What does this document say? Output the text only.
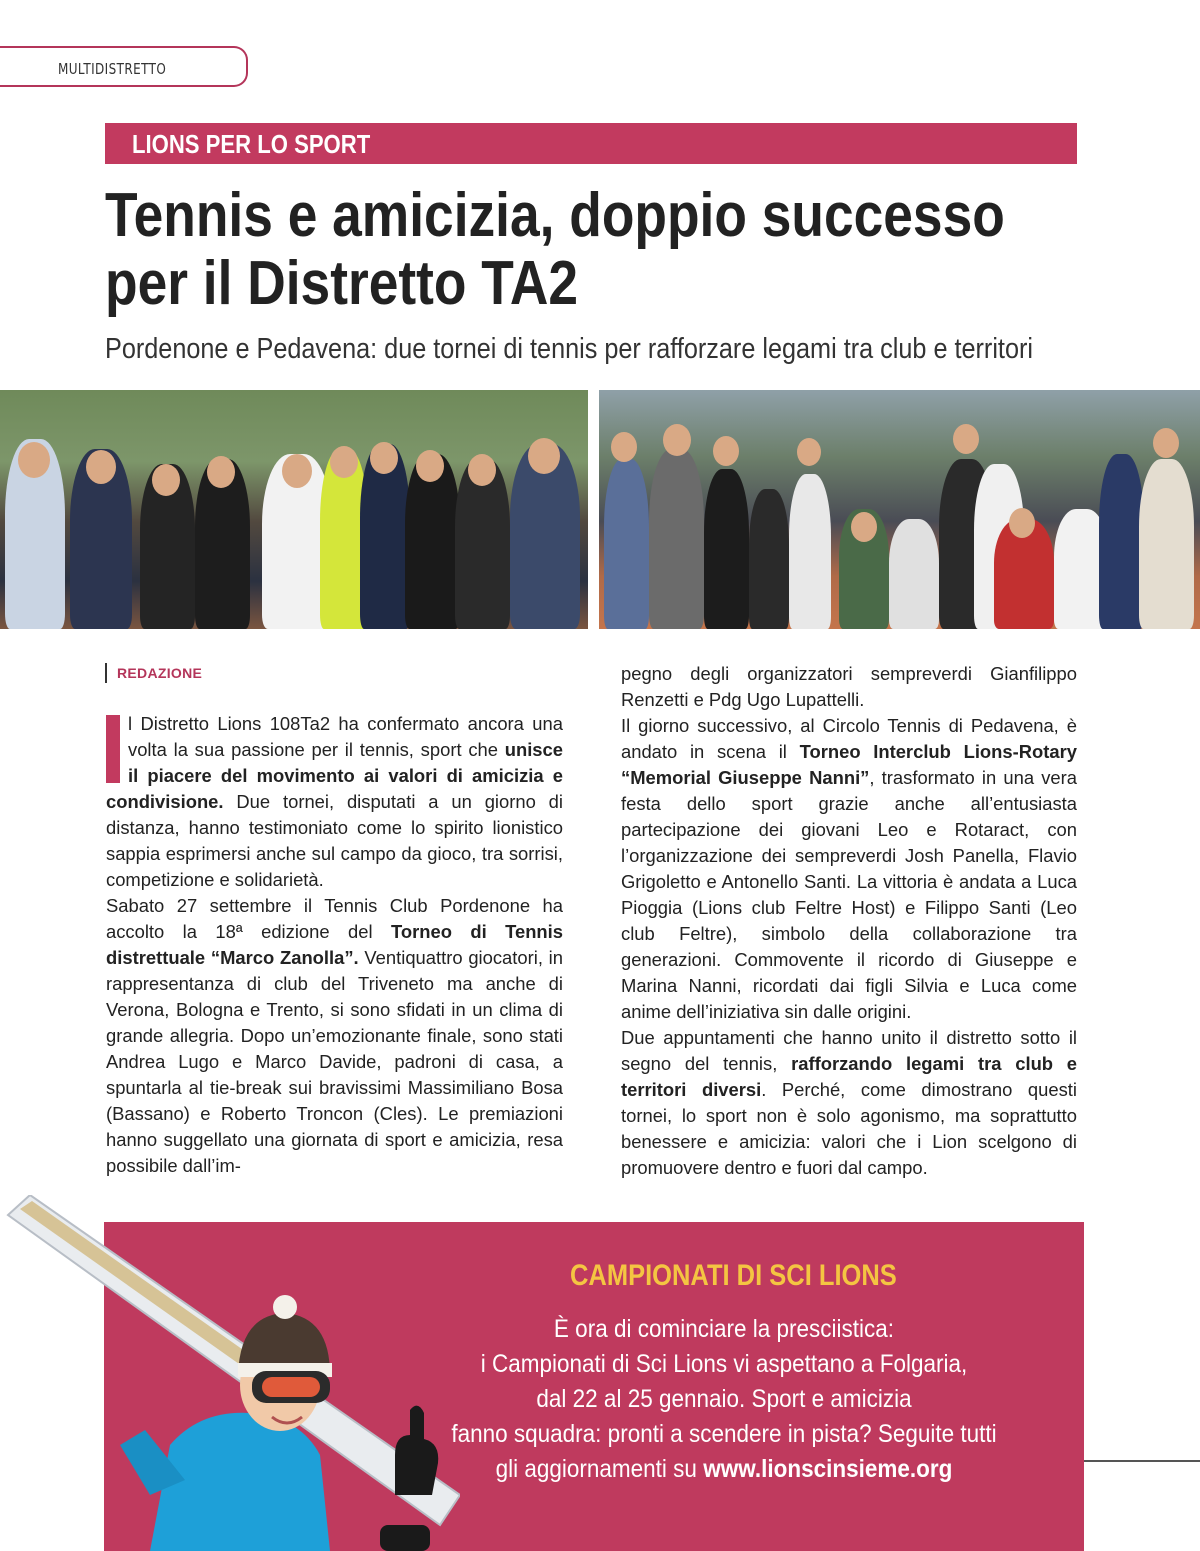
MULTIDISTRETTO
LIONS PER LO SPORT
Tennis e amicizia, doppio successo
per il Distretto TA2
Pordenone e Pedavena: due tornei di tennis per rafforzare legami tra club e territori
REDAZIONE
l Distretto Lions 108Ta2 ha confermato ancora una volta la sua passione per il tennis, sport che unisce il piacere del movimento ai valori di amicizia e condivisione. Due tornei, disputati a un giorno di distanza, hanno testimoniato come lo spirito lionistico sappia esprimersi anche sul campo da gioco, tra sorrisi, competizione e solidarietà.
Sabato 27 settembre il Tennis Club Pordenone ha accolto la 18ª edizione del Torneo di Tennis distrettuale “Marco Zanolla”. Ventiquattro giocatori, in rappresentanza di club del Triveneto ma anche di Verona, Bologna e Trento, si sono sfidati in un clima di grande allegria. Dopo un’emozionante finale, sono stati Andrea Lugo e Marco Davide, padroni di casa, a spuntarla al tie-break sui bravissimi Massimiliano Bosa (Bassano) e Roberto Troncon (Cles). Le premiazioni hanno suggellato una giornata di sport e amicizia, resa possibile dall’im-
pegno degli organizzatori sempreverdi Gianfilippo Renzetti e Pdg Ugo Lupattelli.
Il giorno successivo, al Circolo Tennis di Pedavena, è andato in scena il Torneo Interclub Lions-Rotary “Memorial Giuseppe Nanni”, trasformato in una vera festa dello sport grazie anche all’entusiasta partecipazione dei giovani Leo e Rotaract, con l’organizzazione dei sempreverdi Josh Panella, Flavio Grigoletto e Antonello Santi. La vittoria è andata a Luca Pioggia (Lions club Feltre Host) e Filippo Santi (Leo club Feltre), simbolo della collaborazione tra generazioni. Commovente il ricordo di Giuseppe e Marina Nanni, ricordati dai figli Silvia e Luca come anime dell’iniziativa sin dalle origini.
Due appuntamenti che hanno unito il distretto sotto il segno del tennis, rafforzando legami tra club e territori diversi. Perché, come dimostrano questi tornei, lo sport non è solo agonismo, ma soprattutto benessere e amicizia: valori che i Lion scelgono di promuovere dentro e fuori dal campo.
CAMPIONATI DI SCI LIONS
È ora di cominciare la presciistica:
i Campionati di Sci Lions vi aspettano a Folgaria,
dal 22 al 25 gennaio. Sport e amicizia
fanno squadra: pronti a scendere in pista? Seguite tutti
gli aggiornamenti su www.lionscinsieme.org
